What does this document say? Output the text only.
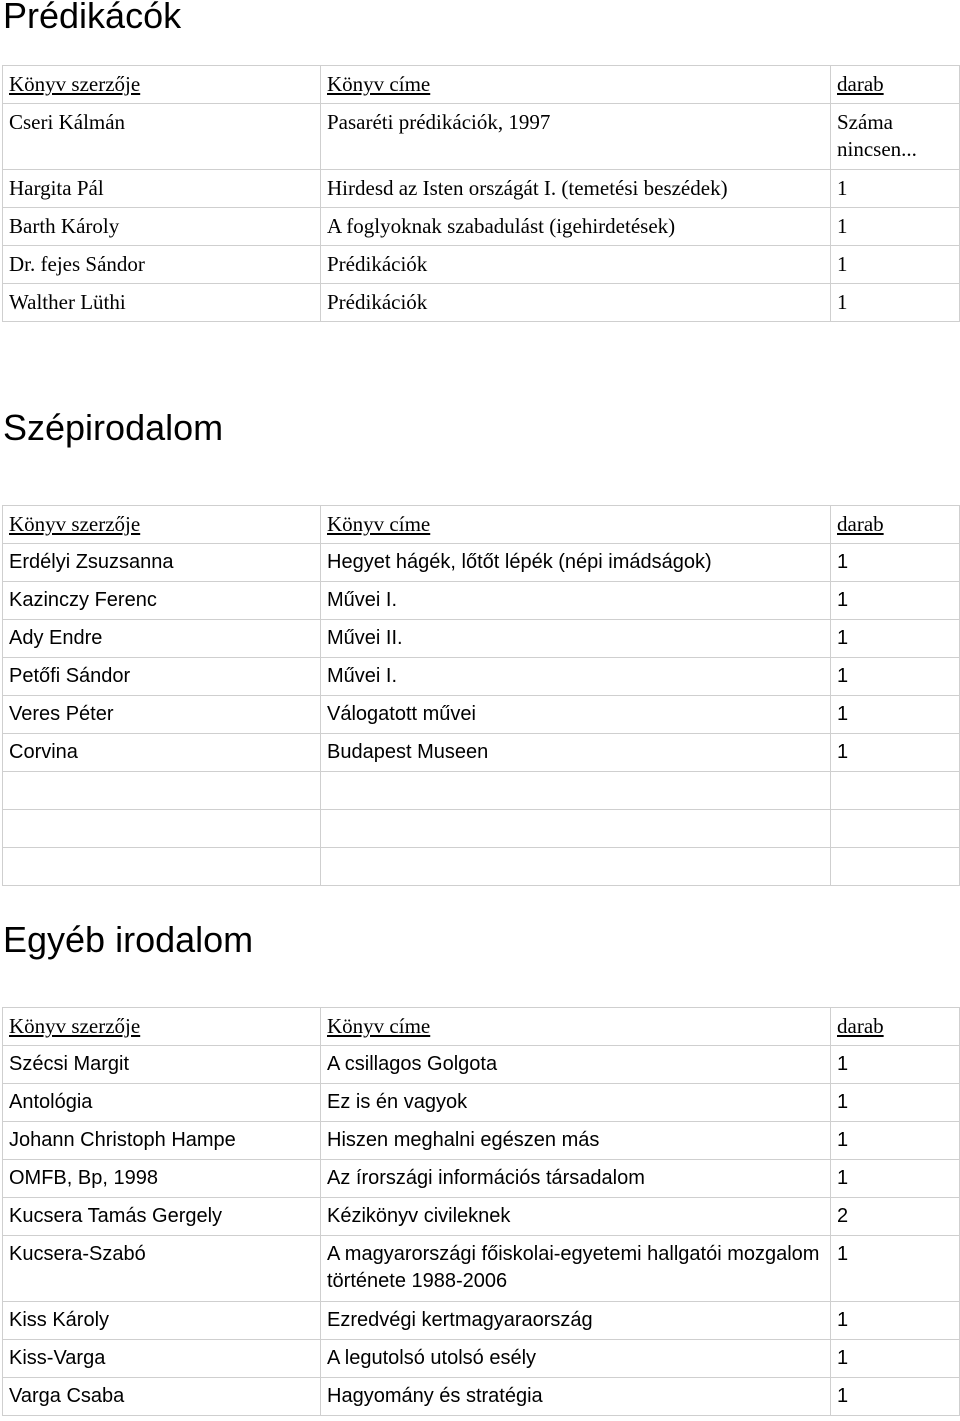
Prédikácók
Könyv szerzője	Könyv címe	darab
Cseri Kálmán	Pasaréti prédikációk, 1997	Száma nincsen...
Hargita Pál	Hirdesd az Isten országát I. (temetési beszédek)	1
Barth Károly	A foglyoknak szabadulást (igehirdetések)	1
Dr. fejes Sándor	Prédikációk	1
Walther Lüthi	Prédikációk	1
Szépirodalom
Könyv szerzője	Könyv címe	darab
Erdélyi Zsuzsanna	Hegyet hágék, lőtőt lépék (népi imádságok)	1
Kazinczy Ferenc	Művei I.	1
Ady Endre	Művei II.	1
Petőfi Sándor	Művei I.	1
Veres Péter	Válogatott művei	1
Corvina	Budapest Museen	1

Egyéb irodalom
Könyv szerzője	Könyv címe	darab
Szécsi Margit	A csillagos Golgota	1
Antológia	Ez is én vagyok	1
Johann Christoph Hampe	Hiszen meghalni egészen más	1
OMFB, Bp, 1998	Az írországi információs társadalom	1
Kucsera Tamás Gergely	Kézikönyv civileknek	2
Kucsera-Szabó	A magyarországi főiskolai-egyetemi hallgatói mozgalom története 1988-2006	1
Kiss Károly	Ezredvégi kertmagyaraország	1
Kiss-Varga	A legutolsó utolsó esély	1
Varga Csaba	Hagyomány és stratégia	1
